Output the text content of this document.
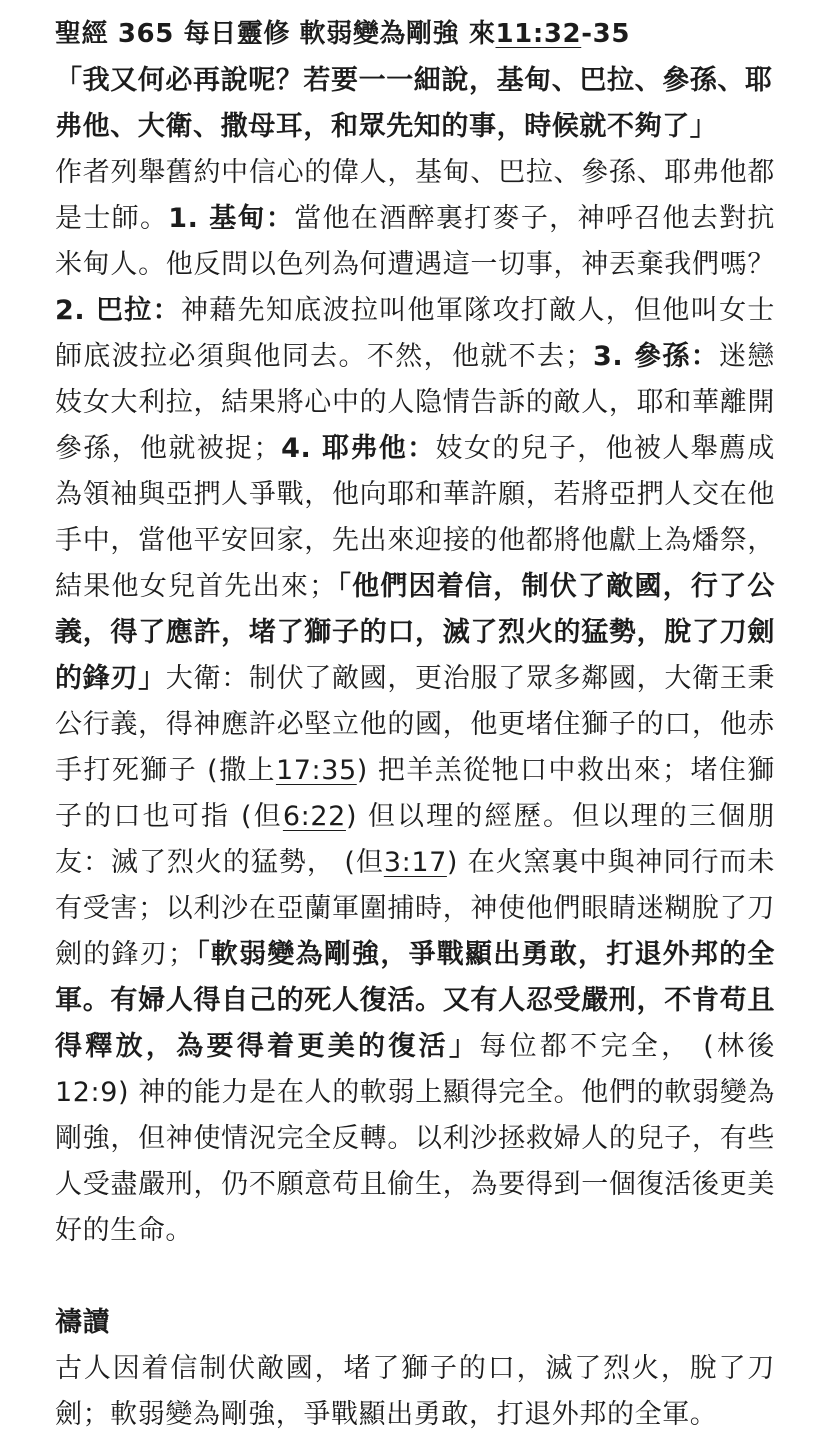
聖經 365 每日靈修 軟弱變為剛強 來11:32-35

「我又何必再說呢？若要一一細說，基甸、巴拉、參孫、耶弗他、大衛、撒母耳，和眾先知的事，時候就不夠了」

作者列舉舊約中信心的偉人，基甸、巴拉、參孫、耶弗他都是士師。1. 基甸：當他在酒醉裏打麥子，神呼召他去對抗米甸人。他反問以色列為何遭遇這一切事，神丟棄我們嗎？2. 巴拉：神藉先知底波拉叫他軍隊攻打敵人，但他叫女士師底波拉必須與他同去。不然，他就不去；3. 參孫：迷戀妓女大利拉，結果將心中的人隐情告訴的敵人，耶和華離開參孫，他就被捉；4. 耶弗他：妓女的兒子，他被人舉薦成為領袖與亞捫人爭戰，他向耶和華許願，若將亞捫人交在他手中，當他平安回家，先出來迎接的他都將他獻上為燔祭，結果他女兒首先出來；「他們因着信，制伏了敵國，行了公義，得了應許，堵了獅子的口，滅了烈火的猛勢，脫了刀劍的鋒刃」大衛：制伏了敵國，更治服了眾多鄰國，大衛王秉公行義，得神應許必堅立他的國，他更堵住獅子的口，他赤手打死獅子 (撒上17:35) 把羊羔從牠口中救出來；堵住獅子的口也可指 (但6:22) 但以理的經歷。但以理的三個朋友：滅了烈火的猛勢， (但3:17) 在火窯裏中與神同行而未有受害；以利沙在亞蘭軍圍捕時，神使他們眼睛迷糊脫了刀劍的鋒刃；「軟弱變為剛強，爭戰顯出勇敢，打退外邦的全軍。有婦人得自己的死人復活。又有人忍受嚴刑，不肯苟且得釋放，為要得着更美的復活」每位都不完全， (林後 12:9) 神的能力是在人的軟弱上顯得完全。他們的軟弱變為剛強，但神使情況完全反轉。以利沙拯救婦人的兒子，有些人受盡嚴刑，仍不願意苟且偷生，為要得到一個復活後更美好的生命。

禱讀

古人因着信制伏敵國，堵了獅子的口，滅了烈火，脫了刀劍；軟弱變為剛強，爭戰顯出勇敢，打退外邦的全軍。
